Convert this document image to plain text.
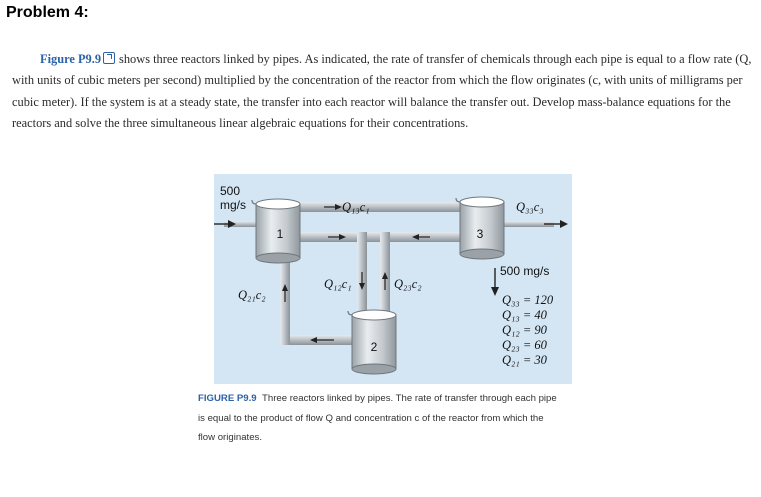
Problem 4:

Figure P9.9 shows three reactors linked by pipes. As indicated, the rate of transfer of chemicals through each pipe is equal to a flow rate (Q, with units of cubic meters per second) multiplied by the concentration of the reactor from which the flow originates (c, with units of milligrams per cubic meter). If the system is at a steady state, the transfer into each reactor will balance the transfer out. Develop mass-balance equations for the reactors and solve the three simultaneous linear algebraic equations for their concentrations.

1
2
3
500
mg/s	Q₁₃c₁	Q₃₃c₃
Q₂₁c₂
Q₁₂c₁	Q₂₃c₂
500 mg/s
Q₃₃ = 120
Q₁₃ = 40
Q₁₂ = 90
Q₂₃ = 60
Q₂₁ = 30

FIGURE P9.9 Three reactors linked by pipes. The rate of transfer through each pipe is equal to the product of flow Q and concentration c of the reactor from which the flow originates.
